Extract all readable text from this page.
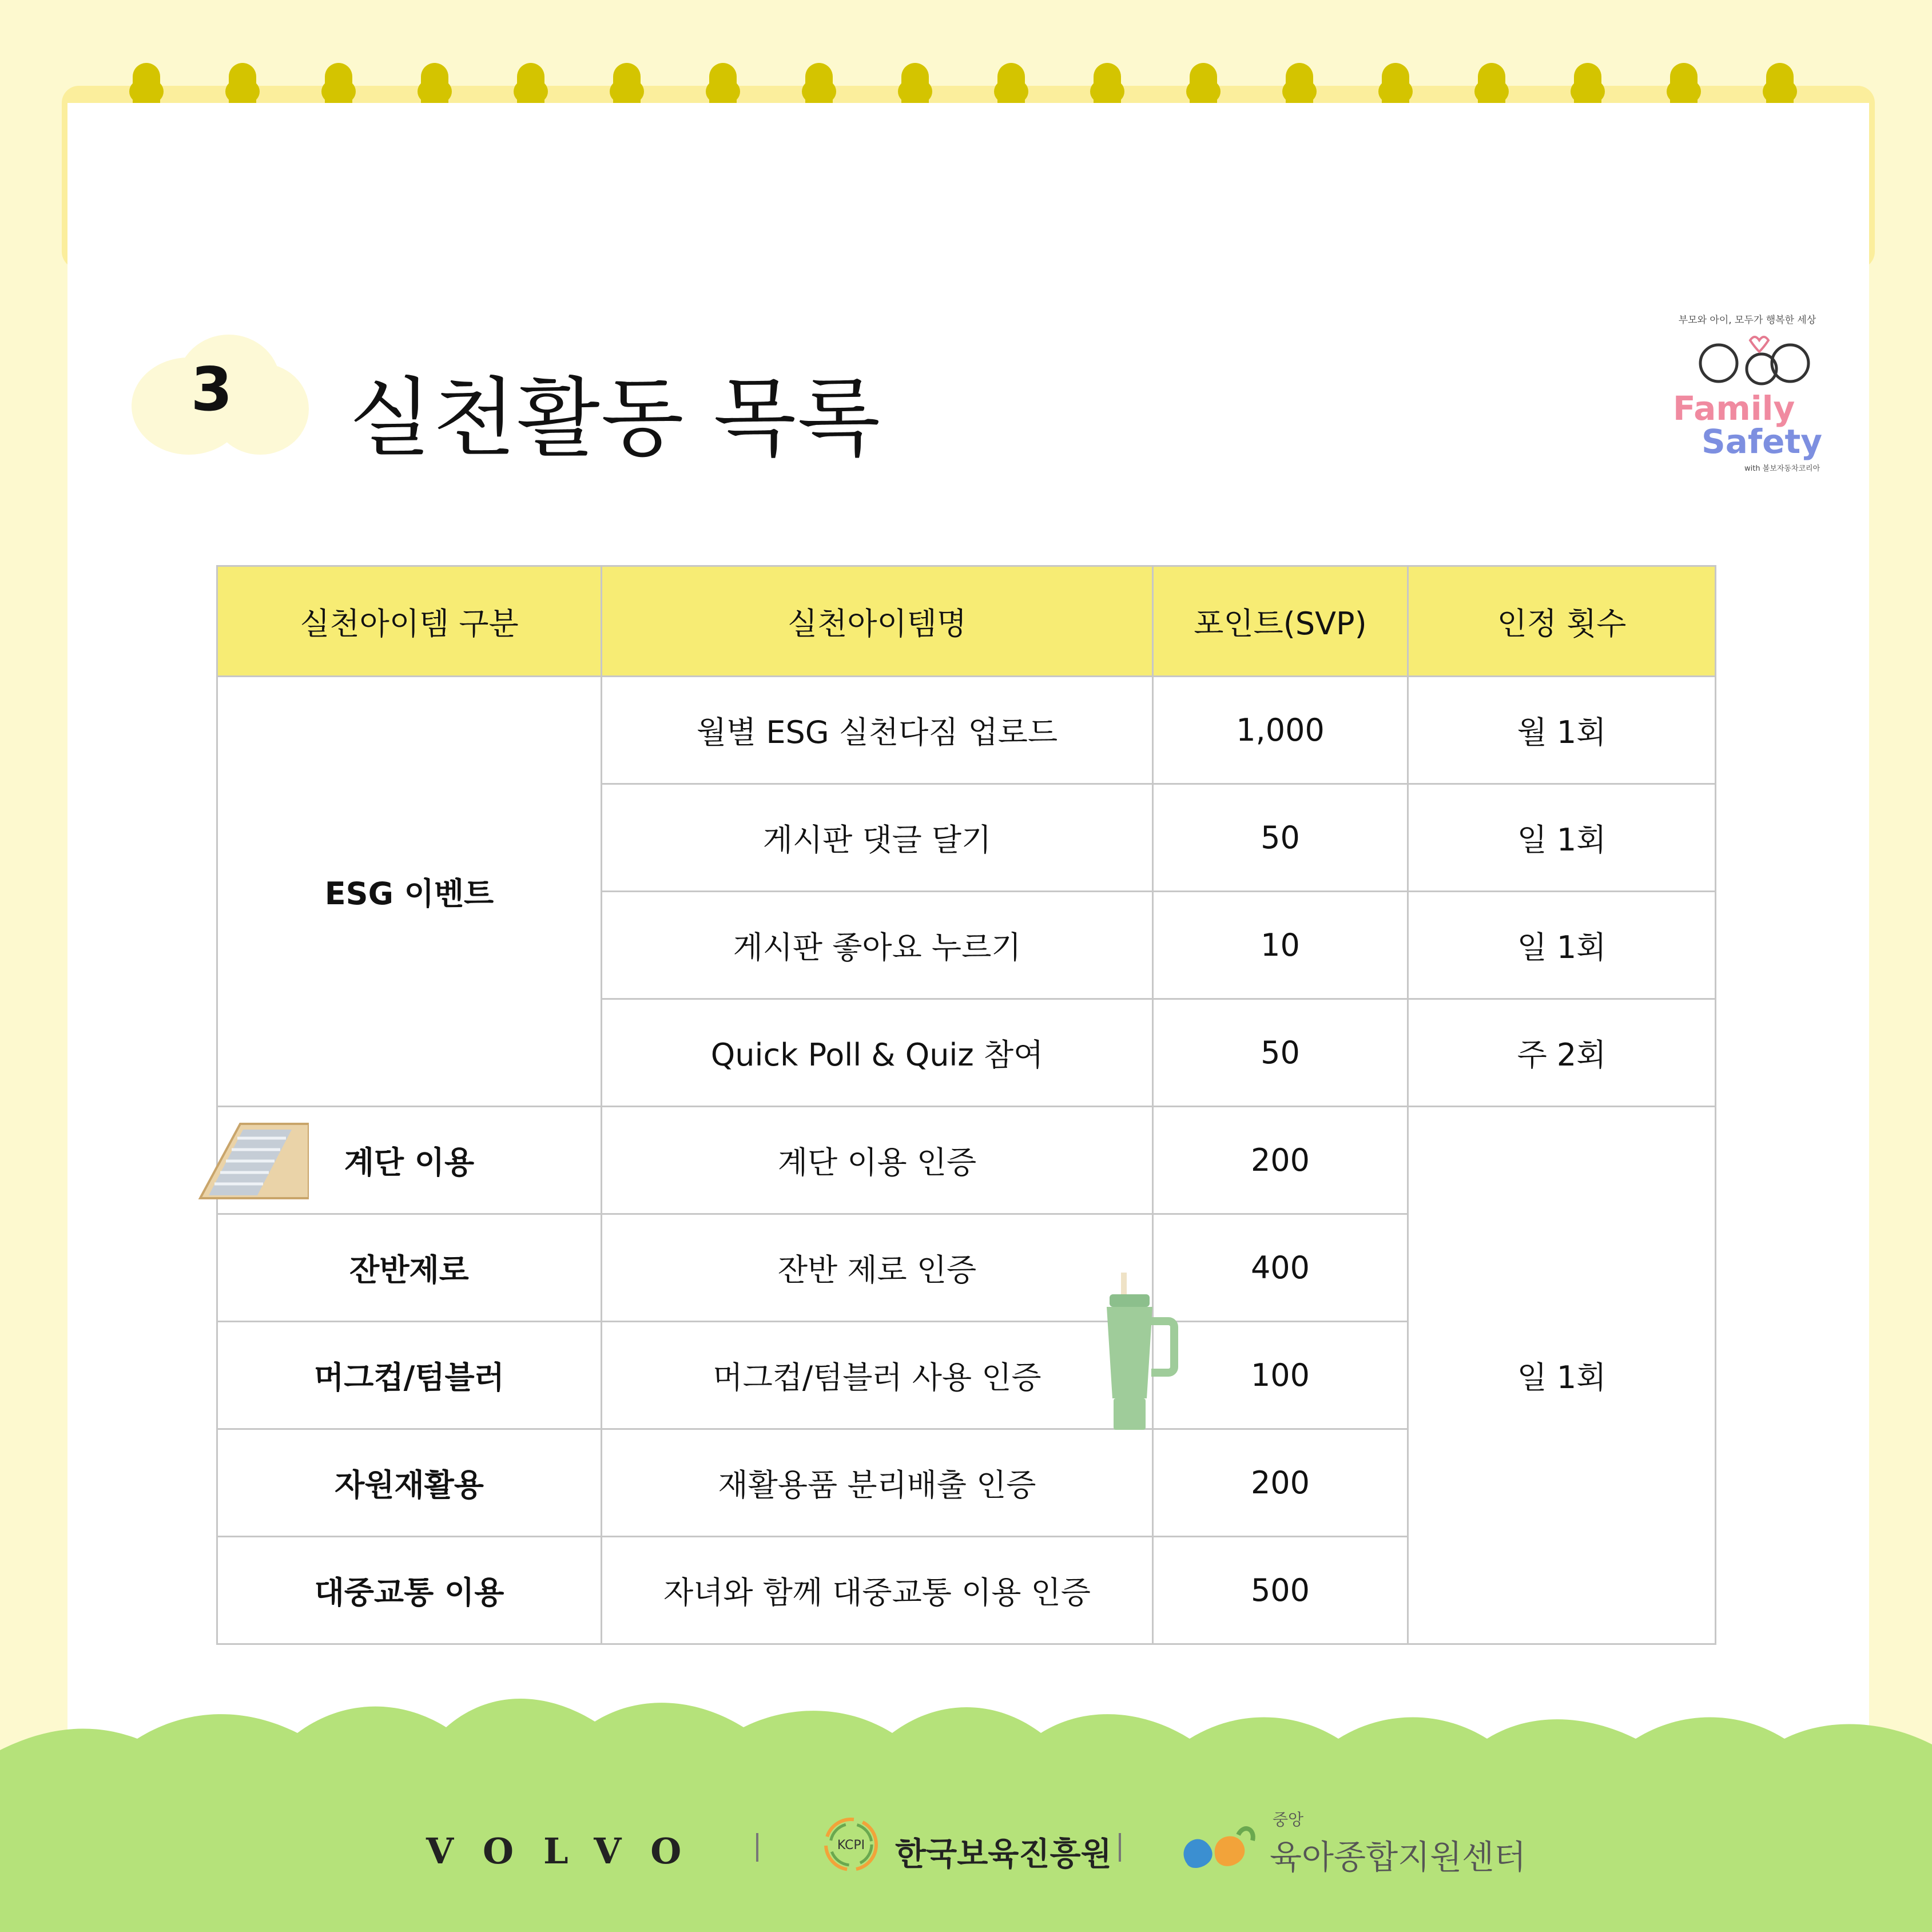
3	실천활동 목록
부모와 아이, 모두가 행복한 세상
Family
Safety
with 볼보자동차코리아
실천아이템 구분	실천아이템명	포인트(SVP)	인정 횟수
ESG 이벤트	월별 ESG 실천다짐 업로드	1,000	월 1회
	게시판 댓글 달기	50	일 1회
	게시판 좋아요 누르기	10	일 1회
	Quick Poll & Quiz 참여	50	주 2회
계단 이용	계단 이용 인증	200	일 1회
잔반제로	잔반 제로 인증	400	
머그컵/텀블러	머그컵/텀블러 사용 인증	100	
자원재활용	재활용품 분리배출 인증	200	
대중교통 이용	자녀와 함께 대중교통 이용 인증	500	
VOLVO	KCPI 한국보육진흥원
중앙
육아종합지원센터
